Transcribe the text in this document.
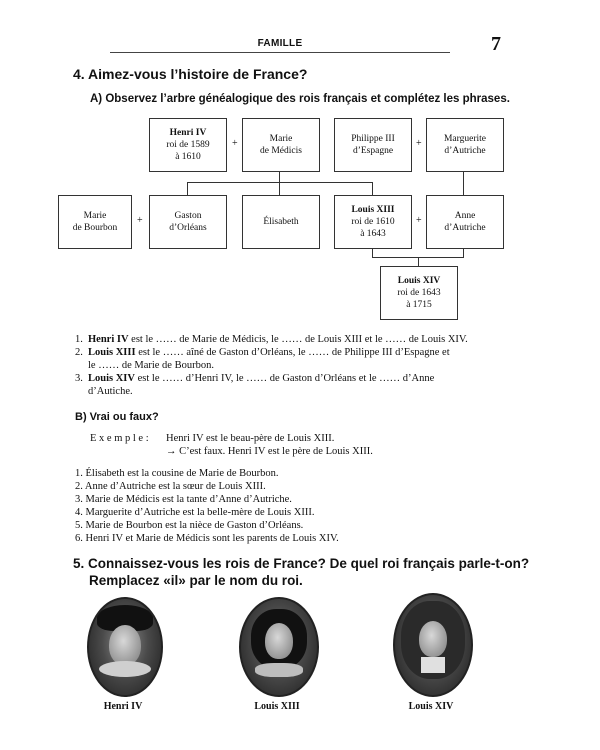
FAMILLE	7
4. Aimez-vous l’histoire de France?
A) Observez l’arbre généalogique des rois français et complétez les phrases.
Henri IV
roi de 1589
à 1610
+	Marie
de Médicis
Philippe III
d’Espagne
+ Marguerite
d’Autriche
Marie
de Bourbon
+	Gaston
d’Orléans
Élisabeth
Louis XIII
roi de 1610
à 1643
+	Anne
d’Autriche
Louis XIV
roi de 1643
à 1715
1. Henri IV est le …… de Marie de Médicis, le …… de Louis XIII et le …… de Louis XIV.
2. Louis XIII est le …… aîné de Gaston d’Orléans, le …… de Philippe III d’Espagne et
le …… de Marie de Bourbon.
3. Louis XIV est le …… d’Henri IV, le …… de Gaston d’Orléans et le …… d’Anne
d’Autiche.
B) Vrai ou faux?
E x e m p l e : Henri IV est le beau-père de Louis XIII.
→ C’est faux. Henri IV est le père de Louis XIII.
1. Élisabeth est la cousine de Marie de Bourbon.
2. Anne d’Autriche est la sœur de Louis XIII.
3. Marie de Médicis est la tante d’Anne d’Autriche.
4. Marguerite d’Autriche est la belle-mère de Louis XIII.
5. Marie de Bourbon est la nièce de Gaston d’Orléans.
6. Henri IV et Marie de Médicis sont les parents de Louis XIV.
5. Connaissez-vous les rois de France? De quel roi français parle-t-on?
Remplacez «il» par le nom du roi.
Henri IV	Louis XIII	Louis XIV
